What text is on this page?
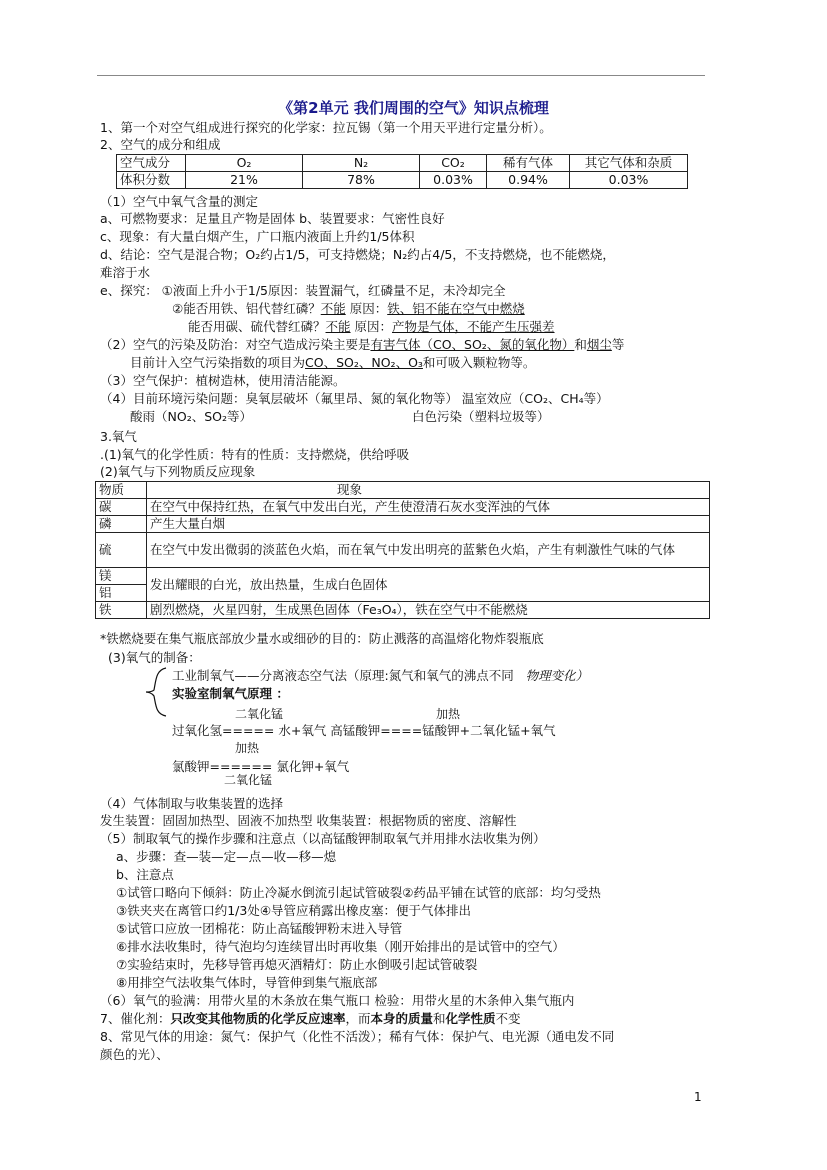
《第2单元 我们周围的空气》知识点梳理
1、第一个对空气组成进行探究的化学家：拉瓦锡（第一个用天平进行定量分析）。
2、空气的成分和组成
空气成分	O₂	N₂	CO₂	稀有气体	其它气体和杂质
体积分数	21%	78%	0.03%	0.94%	0.03%
（1）空气中氧气含量的测定
a、可燃物要求：足量且产物是固体 b、装置要求：气密性良好
c、现象：有大量白烟产生，广口瓶内液面上升约1/5体积
d、结论：空气是混合物；O₂约占1/5，可支持燃烧；N₂约占4/5，不支持燃烧，也不能燃烧，
难溶于水
e、探究： ①液面上升小于1/5原因：装置漏气，红磷量不足，未冷却完全
②能否用铁、铝代替红磷？不能 原因：铁、铝不能在空气中燃烧
能否用碳、硫代替红磷？不能 原因：产物是气体，不能产生压强差
（2）空气的污染及防治：对空气造成污染主要是有害气体（CO、SO₂、氮的氧化物）和烟尘等
目前计入空气污染指数的项目为CO、SO₂、NO₂、O₃和可吸入颗粒物等。
（3）空气保护：植树造林，使用清洁能源。
（4）目前环境污染问题：臭氧层破坏（氟里昂、氮的氧化物等） 温室效应（CO₂、CH₄等）
酸雨（NO₂、SO₂等）	白色污染（塑料垃圾等）
3.氧气
.(1)氧气的化学性质：特有的性质：支持燃烧，供给呼吸
(2)氧气与下列物质反应现象
物质	现象
碳	在空气中保持红热，在氧气中发出白光，产生使澄清石灰水变浑浊的气体
磷	产生大量白烟
硫	在空气中发出微弱的淡蓝色火焰，而在氧气中发出明亮的蓝紫色火焰，产生有刺激性气味的气体
镁	发出耀眼的白光，放出热量，生成白色固体
铝	
铁	剧烈燃烧，火星四射，生成黑色固体（Fe₃O₄），铁在空气中不能燃烧
*铁燃烧要在集气瓶底部放少量水或细砂的目的：防止溅落的高温熔化物炸裂瓶底
(3)氧气的制备：
工业制氧气——分离液态空气法（原理:氮气和氧气的沸点不同 物理变化）
实验室制氧气原理 ：
二氧化锰	加热
过氧化氢===== 水+氧气 高锰酸钾====锰酸钾+二氧化锰+氧气
加热
氯酸钾====== 氯化钾+氧气
二氧化锰
（4）气体制取与收集装置的选择
发生装置：固固加热型、固液不加热型 收集装置：根据物质的密度、溶解性
（5）制取氧气的操作步骤和注意点（以高锰酸钾制取氧气并用排水法收集为例）
a、步骤：查—装—定—点—收—移—熄
b、注意点
①试管口略向下倾斜：防止冷凝水倒流引起试管破裂②药品平铺在试管的底部：均匀受热
③铁夹夹在离管口约1/3处④导管应稍露出橡皮塞：便于气体排出
⑤试管口应放一团棉花：防止高锰酸钾粉末进入导管
⑥排水法收集时，待气泡均匀连续冒出时再收集（刚开始排出的是试管中的空气）
⑦实验结束时，先移导管再熄灭酒精灯：防止水倒吸引起试管破裂
⑧用排空气法收集气体时，导管伸到集气瓶底部
（6）氧气的验满：用带火星的木条放在集气瓶口 检验：用带火星的木条伸入集气瓶内
7、催化剂：只改变其他物质的化学反应速率，而本身的质量和化学性质不变
8、常见气体的用途：氮气：保护气（化性不活泼）；稀有气体：保护气、电光源（通电发不同
颜色的光）、
1
